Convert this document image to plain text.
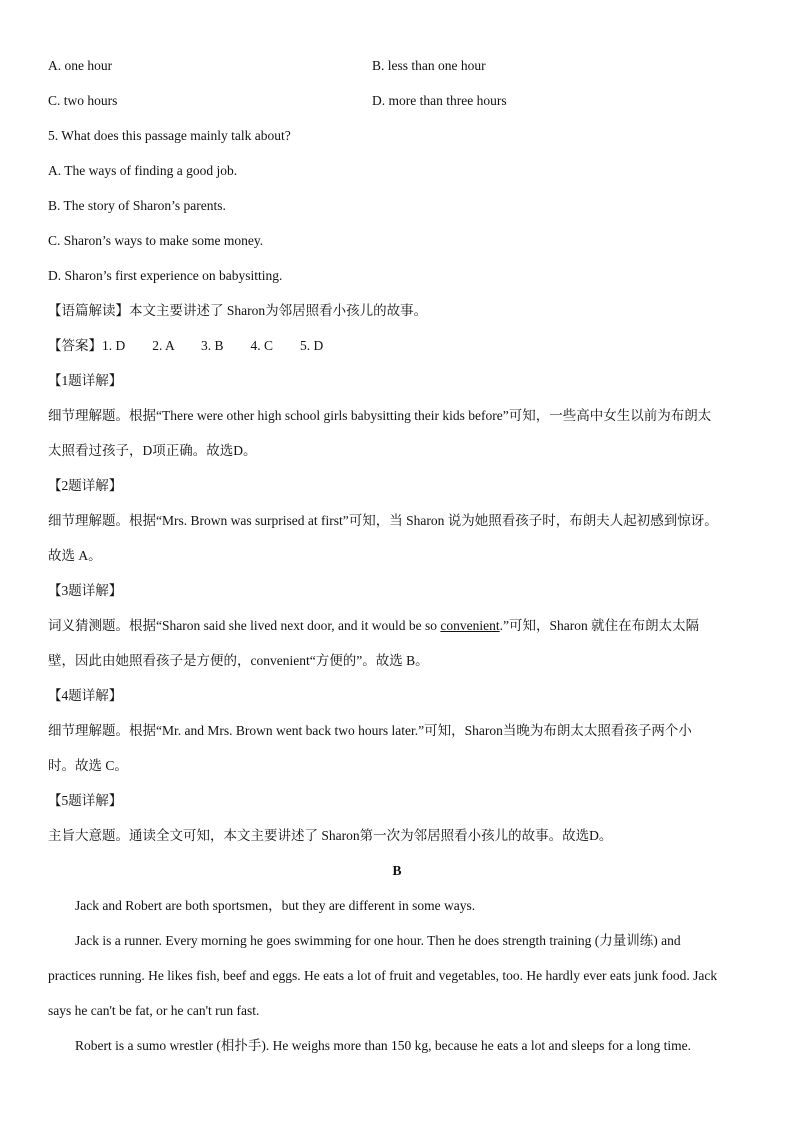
A. one hour	B. less than one hour
C. two hours	D. more than three hours
5. What does this passage mainly talk about?
A. The ways of finding a good job.
B. The story of Sharon’s parents.
C. Sharon’s ways to make some money.
D. Sharon’s first experience on babysitting.
【语篇解读】本文主要讲述了 Sharon为邻居照看小孩儿的故事。
【答案】1. D        2. A        3. B        4. C        5. D
【1题详解】
细节理解题。根据“There were other high school girls babysitting their kids before”可知，一些高中女生以前为布朗太
太照看过孩子，D项正确。故选D。
【2题详解】
细节理解题。根据“Mrs. Brown was surprised at first”可知，当 Sharon 说为她照看孩子时，布朗夫人起初感到惊讶。
故选 A。
【3题详解】
词义猜测题。根据“Sharon said she lived next door, and it would be so convenient.”可知，Sharon 就住在布朗太太隔
壁，因此由她照看孩子是方便的，convenient“方便的”。故选 B。
【4题详解】
细节理解题。根据“Mr. and Mrs. Brown went back two hours later.”可知，Sharon当晚为布朗太太照看孩子两个小
时。故选 C。
【5题详解】
主旨大意题。通读全文可知，本文主要讲述了 Sharon第一次为邻居照看小孩儿的故事。故选D。
B
Jack and Robert are both sportsmen，but they are different in some ways.
Jack is a runner. Every morning he goes swimming for one hour. Then he does strength training (力量训练) and
practices running. He likes fish, beef and eggs. He eats a lot of fruit and vegetables, too. He hardly ever eats junk food. Jack
says he can't be fat, or he can't run fast.
Robert is a sumo wrestler (相扑手). He weighs more than 150 kg, because he eats a lot and sleeps for a long time.
